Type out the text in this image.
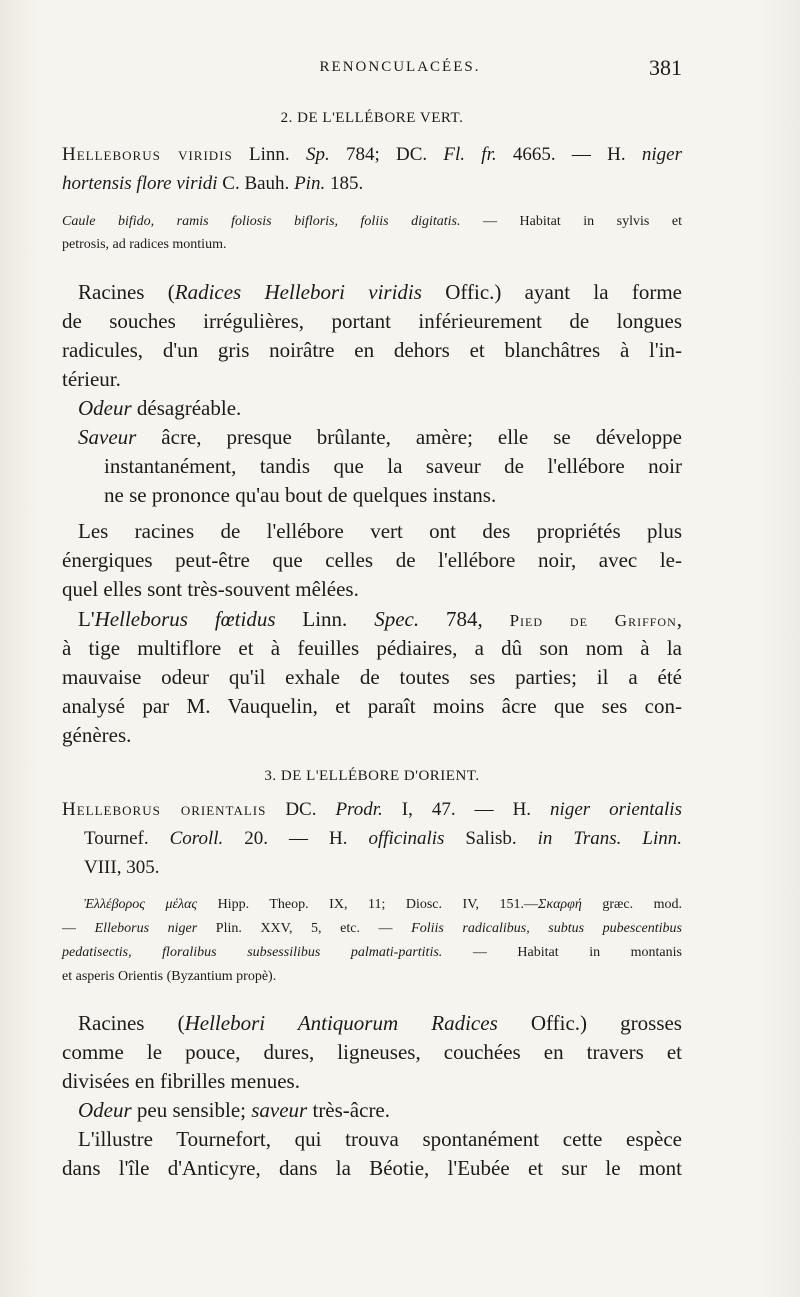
RENONCULACÉES.	381
2. DE L'ELLÉBORE VERT.
Helleborus viridis Linn. Sp. 784; DC. Fl. fr. 4665. — H. niger
hortensis flore viridi C. Bauh. Pin. 185.
Caule bifido, ramis foliosis bifloris, foliis digitatis. — Habitat in sylvis et
petrosis, ad radices montium.
Racines (Radices Hellebori viridis Offic.) ayant la forme
de souches irrégulières, portant inférieurement de longues
radicules, d'un gris noirâtre en dehors et blanchâtres à l'in-
térieur.
Odeur désagréable.
Saveur âcre, presque brûlante, amère; elle se développe
instantanément, tandis que la saveur de l'ellébore noir
ne se prononce qu'au bout de quelques instans.
Les racines de l'ellébore vert ont des propriétés plus
énergiques peut-être que celles de l'ellébore noir, avec le-
quel elles sont très-souvent mêlées.
L'Helleborus fœtidus Linn. Spec. 784, Pied de Griffon,
à tige multiflore et à feuilles pédiaires, a dû son nom à la
mauvaise odeur qu'il exhale de toutes ses parties; il a été
analysé par M. Vauquelin, et paraît moins âcre que ses con-
génères.
3. DE L'ELLÉBORE D'ORIENT.
Helleborus orientalis DC. Prodr. I, 47. — H. niger orientalis
Tournef. Coroll. 20. — H. officinalis Salisb. in Trans. Linn.
VIII, 305.
Ἐλλέβορος μέλας Hipp. Theop. IX, 11; Diosc. IV, 151.—Σκαρφή græc. mod.
— Elleborus niger Plin. XXV, 5, etc. — Foliis radicalibus, subtus pubescentibus
pedatisectis, floralibus subsessilibus palmati-partitis. — Habitat in montanis
et asperis Orientis (Byzantium propè).
Racines (Hellebori Antiquorum Radices Offic.) grosses
comme le pouce, dures, ligneuses, couchées en travers et
divisées en fibrilles menues.
Odeur peu sensible; saveur très-âcre.
L'illustre Tournefort, qui trouva spontanément cette espèce
dans l'île d'Anticyre, dans la Béotie, l'Eubée et sur le mont
